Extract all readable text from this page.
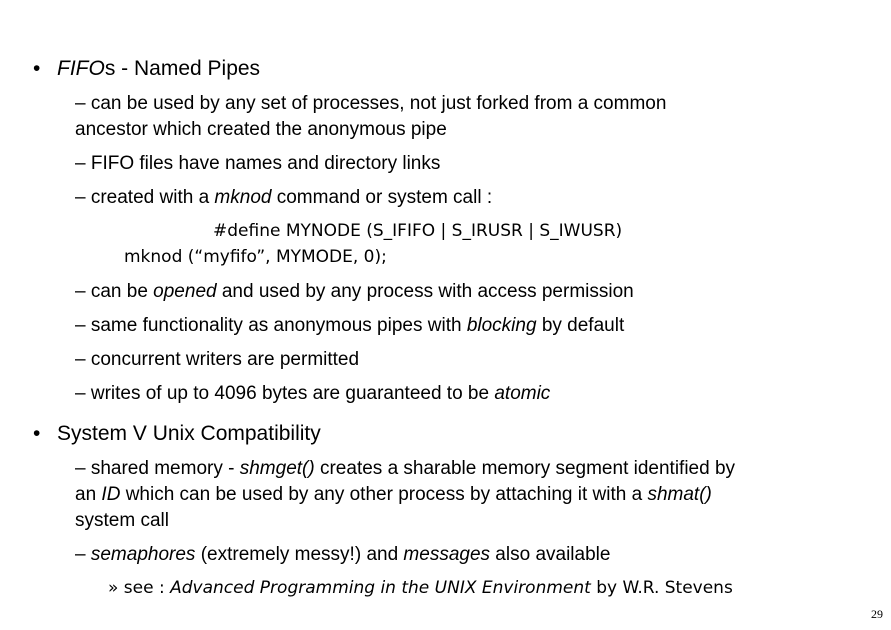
• FIFOs - Named Pipes
– can be used by any set of processes, not just forked from a common
ancestor which created the anonymous pipe
– FIFO files have names and directory links
– created with a mknod command or system call :
#define MYNODE (S_IFIFO | S_IRUSR | S_IWUSR)
mknod (“myfifo”, MYMODE, 0);
– can be opened and used by any process with access permission
– same functionality as anonymous pipes with blocking by default
– concurrent writers are permitted
– writes of up to 4096 bytes are guaranteed to be atomic
• System V Unix Compatibility
– shared memory - shmget() creates a sharable memory segment identified by
an ID which can be used by any other process by attaching it with a shmat()
system call
– semaphores (extremely messy!) and messages also available
» see : Advanced Programming in the UNIX Environment by W.R. Stevens
29
